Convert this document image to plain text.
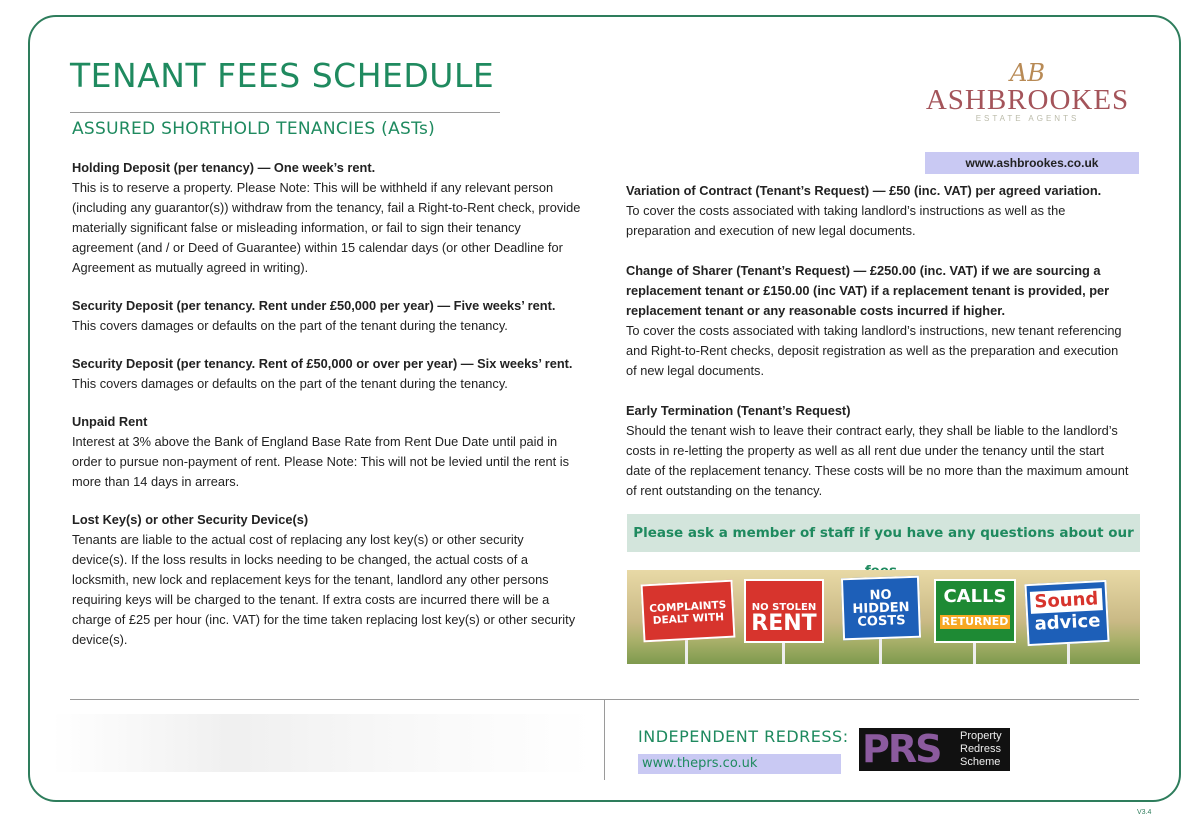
TENANT FEES SCHEDULE
ASSURED SHORTHOLD TENANCIES (ASTs)
AB
ASHBROOKES
ESTATE AGENTS
www.ashbrookes.co.uk
Holding Deposit (per tenancy) — One week’s rent.

This is to reserve a property. Please Note: This will be withheld if any relevant person (including any guarantor(s)) withdraw from the tenancy, fail a Right-to-Rent check, provide materially significant false or misleading information, or fail to sign their tenancy agreement (and / or Deed of Guarantee) within 15 calendar days (or other Deadline for Agreement as mutually agreed in writing).

Security Deposit (per tenancy. Rent under £50,000 per year) — Five weeks’ rent.

This covers damages or defaults on the part of the tenant during the tenancy.

Security Deposit (per tenancy. Rent of £50,000 or over per year) — Six weeks’ rent.

This covers damages or defaults on the part of the tenant during the tenancy.

Unpaid Rent

Interest at 3% above the Bank of England Base Rate from Rent Due Date until paid in order to pursue non-payment of rent. Please Note: This will not be levied until the rent is more than 14 days in arrears.

Lost Key(s) or other Security Device(s)

Tenants are liable to the actual cost of replacing any lost key(s) or other security device(s). If the loss results in locks needing to be changed, the actual costs of a locksmith, new lock and replacement keys for the tenant, landlord any other persons requiring keys will be charged to the tenant. If extra costs are incurred there will be a charge of £25 per hour (inc. VAT) for the time taken replacing lost key(s) or other security device(s).

Variation of Contract (Tenant’s Request) — £50 (inc. VAT) per agreed variation.

To cover the costs associated with taking landlord’s instructions as well as the preparation and execution of new legal documents.

Change of Sharer (Tenant’s Request) — £250.00 (inc. VAT) if we are sourcing a replacement tenant or £150.00 (inc VAT) if a replacement tenant is provided, per replacement tenant or any reasonable costs incurred if higher.

To cover the costs associated with taking landlord’s instructions, new tenant referencing and Right-to-Rent checks, deposit registration as well as the preparation and execution of new legal documents.

Early Termination (Tenant’s Request)

Should the tenant wish to leave their contract early, they shall be liable to the landlord’s costs in re-letting the property as well as all rent due under the tenancy until the start date of the replacement tenancy. These costs will be no more than the maximum amount of rent outstanding on the tenancy.

Please ask a member of staff if you have any questions about our
COMPLAINTS DEALT WITH
NO STOLEN
RENT
NO HIDDEN COSTS
CALLS
RETURNED
Sound
advice
INDEPENDENT REDRESS:
www.theprs.co.uk	PRS Property
Redress
Scheme
V3.4
